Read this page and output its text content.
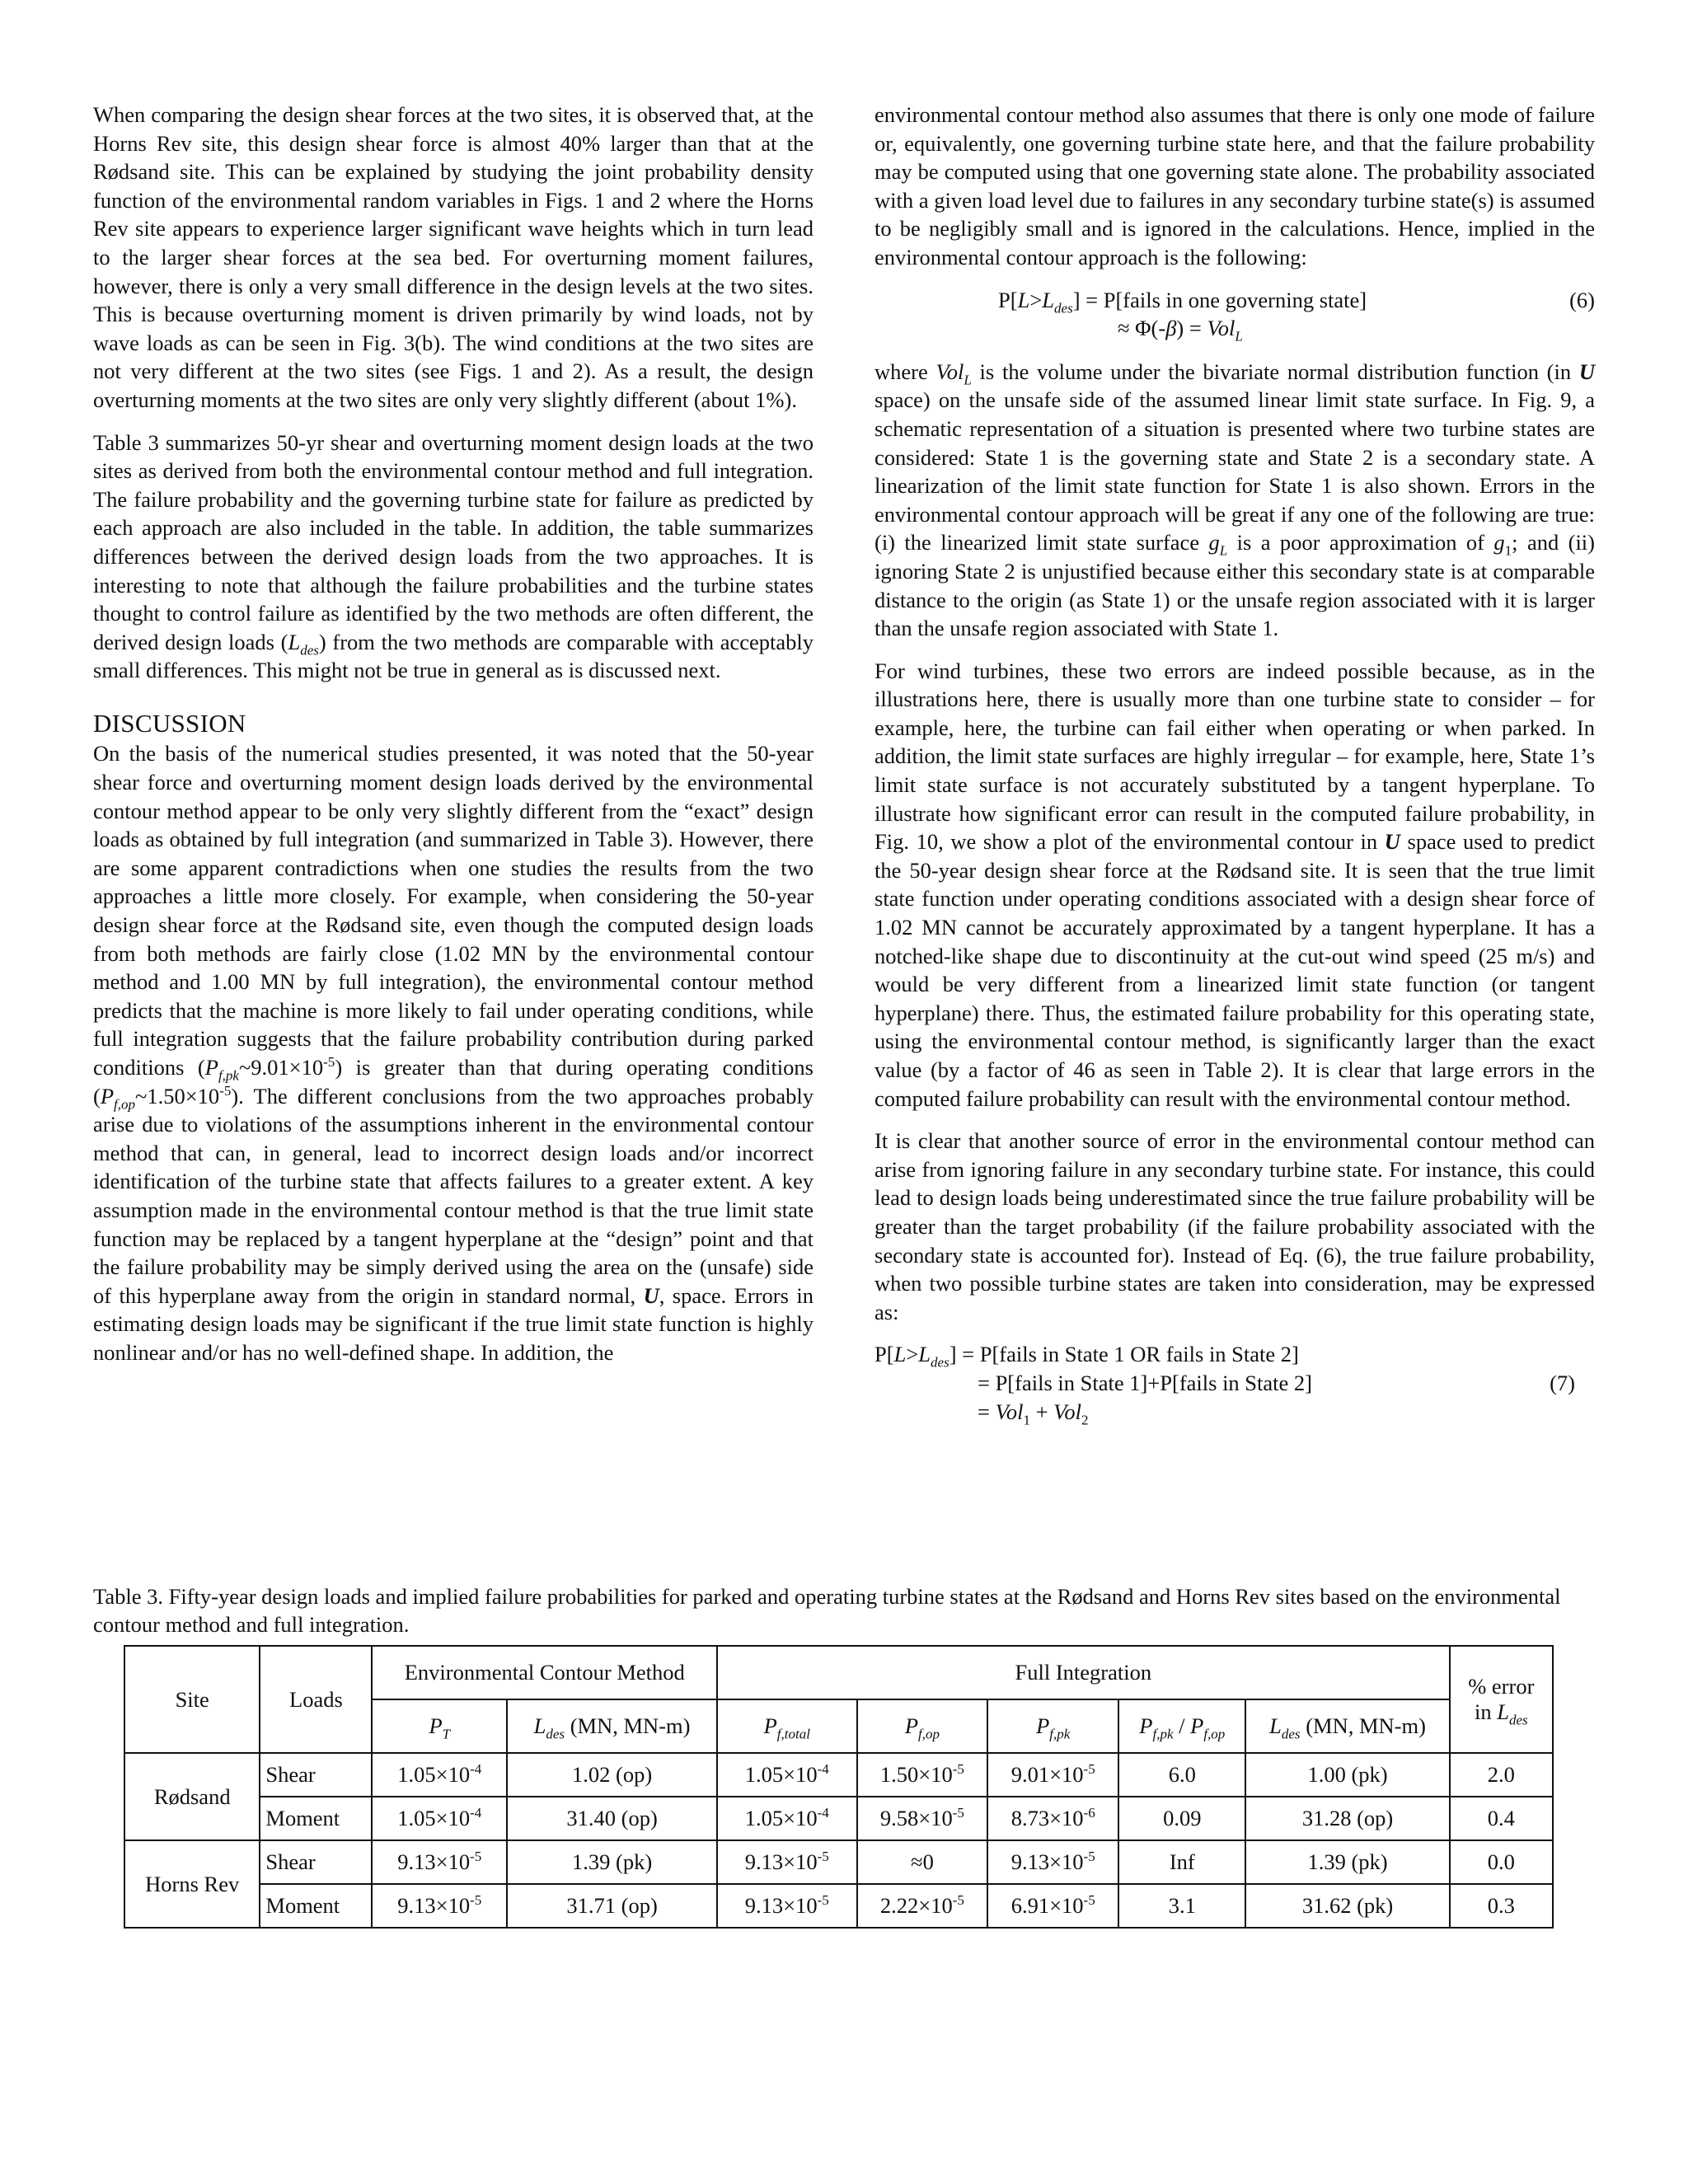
When comparing the design shear forces at the two sites, it is observed that, at the Horns Rev site, this design shear force is almost 40% larger than that at the Rødsand site. This can be explained by studying the joint probability density function of the environmental random variables in Figs. 1 and 2 where the Horns Rev site appears to experience larger significant wave heights which in turn lead to the larger shear forces at the sea bed. For overturning moment failures, however, there is only a very small difference in the design levels at the two sites. This is because overturning moment is driven primarily by wind loads, not by wave loads as can be seen in Fig. 3(b). The wind conditions at the two sites are not very different at the two sites (see Figs. 1 and 2). As a result, the design overturning moments at the two sites are only very slightly different (about 1%).

Table 3 summarizes 50-yr shear and overturning moment design loads at the two sites as derived from both the environmental contour method and full integration. The failure probability and the governing turbine state for failure as predicted by each approach are also included in the table. In addition, the table summarizes differences between the derived design loads from the two approaches. It is interesting to note that although the failure probabilities and the turbine states thought to control failure as identified by the two methods are often different, the derived design loads $(L_{des})$ from the two methods are comparable with acceptably small differences. This might not be true in general as is discussed next.

DISCUSSION

On the basis of the numerical studies presented, it was noted that the 50-year shear force and overturning moment design loads derived by the environmental contour method appear to be only very slightly different from the “exact” design loads as obtained by full integration (and summarized in Table 3). However, there are some apparent contradictions when one studies the results from the two approaches a little more closely. For example, when considering the 50-year design shear force at the Rødsand site, even though the computed design loads from both methods are fairly close (1.02 MN by the environmental contour method and 1.00 MN by full integration), the environmental contour method predicts that the machine is more likely to fail under operating conditions, while full integration suggests that the failure probability contribution during parked conditions $(P_{f,pk}\sim 9.01\times 10^{-5})$ is greater than that during operating conditions $(P_{f,op}\sim 1.50\times 10^{-5})$. The different conclusions from the two approaches probably arise due to violations of the assumptions inherent in the environmental contour method that can, in general, lead to incorrect design loads and/or incorrect identification of the turbine state that affects failures to a greater extent. A key assumption made in the environmental contour method is that the true limit state function may be replaced by a tangent hyperplane at the “design” point and that the failure probability may be simply derived using the area on the (unsafe) side of this hyperplane away from the origin in standard normal, U, space. Errors in estimating design loads may be significant if the true limit state function is highly nonlinear and/or has no well-defined shape. In addition, the

environmental contour method also assumes that there is only one mode of failure or, equivalently, one governing turbine state here, and that the failure probability may be computed using that one governing state alone. The probability associated with a given load level due to failures in any secondary turbine state(s) is assumed to be negligibly small and is ignored in the calculations. Hence, implied in the environmental contour approach is the following:

$P[L>L_{des}]$ = P[fails in one governing state]
≈ Φ(-β) = Vol$_L$
(6)

where Vol$_L$ is the volume under the bivariate normal distribution function (in U space) on the unsafe side of the assumed linear limit state surface. In Fig. 9, a schematic representation of a situation is presented where two turbine states are considered: State 1 is the governing state and State 2 is a secondary state. A linearization of the limit state function for State 1 is also shown. Errors in the environmental contour approach will be great if any one of the following are true: (i) the linearized limit state surface $g_L$ is a poor approximation of $g_1$; and (ii) ignoring State 2 is unjustified because either this secondary state is at comparable distance to the origin (as State 1) or the unsafe region associated with it is larger than the unsafe region associated with State 1.

For wind turbines, these two errors are indeed possible because, as in the illustrations here, there is usually more than one turbine state to consider – for example, here, the turbine can fail either when operating or when parked. In addition, the limit state surfaces are highly irregular – for example, here, State 1’s limit state surface is not accurately substituted by a tangent hyperplane. To illustrate how significant error can result in the computed failure probability, in Fig. 10, we show a plot of the environmental contour in U space used to predict the 50-year design shear force at the Rødsand site. It is seen that the true limit state function under operating conditions associated with a design shear force of 1.02 MN cannot be accurately approximated by a tangent hyperplane. It has a notched-like shape due to discontinuity at the cut-out wind speed (25 m/s) and would be very different from a linearized limit state function (or tangent hyperplane) there. Thus, the estimated failure probability for this operating state, using the environmental contour method, is significantly larger than the exact value (by a factor of 46 as seen in Table 2). It is clear that large errors in the computed failure probability can result with the environmental contour method.

It is clear that another source of error in the environmental contour method can arise from ignoring failure in any secondary turbine state. For instance, this could lead to design loads being underestimated since the true failure probability will be greater than the target probability (if the failure probability associated with the secondary state is accounted for). Instead of Eq. (6), the true failure probability, when two possible turbine states are taken into consideration, may be expressed as:

$P[L>L_{des}]$ = P[fails in State 1 OR fails in State 2]
= P[fails in State 1]+P[fails in State 2]
= Vol$_1$ + Vol$_2$
(7)
Table 3. Fifty-year design loads and implied failure probabilities for parked and operating turbine states at the Rødsand and Horns Rev sites based on the environmental contour method and full integration.
Site	Loads	Environmental Contour Method		Full Integration					% error
in $L_{des}$
		$P_T$	$L_{des}$ (MN, MN-m)	$P_{f,total}$	$P_{f,op}$	$P_{f,pk}$	$P_{f,pk} / P_{f,op}$	$L_{des}$ (MN, MN-m)	
Rødsand	Shear	$1.05\times 10^{-4}$	1.02 (op)	$1.05\times 10^{-4}$	$1.50\times 10^{-5}$	$9.01\times 10^{-5}$	6.0	1.00 (pk)	2.0
	Moment	$1.05\times 10^{-4}$	31.40 (op)	$1.05\times 10^{-4}$	$9.58\times 10^{-5}$	$8.73\times 10^{-6}$	0.09	31.28 (op)	0.4
Horns Rev	Shear	$9.13\times 10^{-5}$	1.39 (pk)	$9.13\times 10^{-5}$	≈0	$9.13\times 10^{-5}$	Inf	1.39 (pk)	0.0
	Moment	$9.13\times 10^{-5}$	31.71 (op)	$9.13\times 10^{-5}$	$2.22\times 10^{-5}$	$6.91\times 10^{-5}$	3.1	31.62 (pk)	0.3
